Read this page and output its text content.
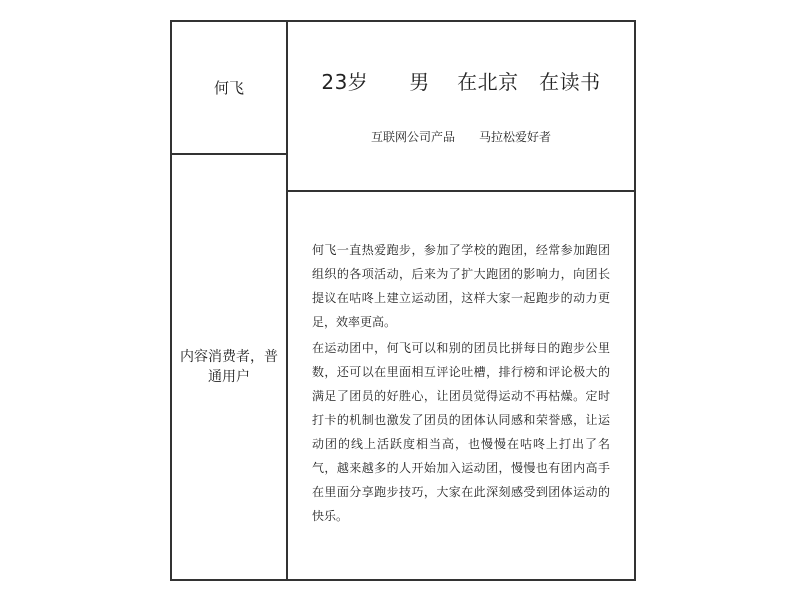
何飞
内容消费者，普通用户
23岁　　男　 在北京　在读书
互联网公司产品　　马拉松爱好者

何飞一直热爱跑步，参加了学校的跑团，经常参加跑团组织的各项活动，后来为了扩大跑团的影响力，向团长提议在咕咚上建立运动团，这样大家一起跑步的动力更足，效率更高。

在运动团中，何飞可以和别的团员比拼每日的跑步公里数，还可以在里面相互评论吐槽，排行榜和评论极大的满足了团员的好胜心，让团员觉得运动不再枯燥。定时打卡的机制也激发了团员的团体认同感和荣誉感，让运动团的线上活跃度相当高，也慢慢在咕咚上打出了名气，越来越多的人开始加入运动团，慢慢也有团内高手在里面分享跑步技巧，大家在此深刻感受到团体运动的快乐。
